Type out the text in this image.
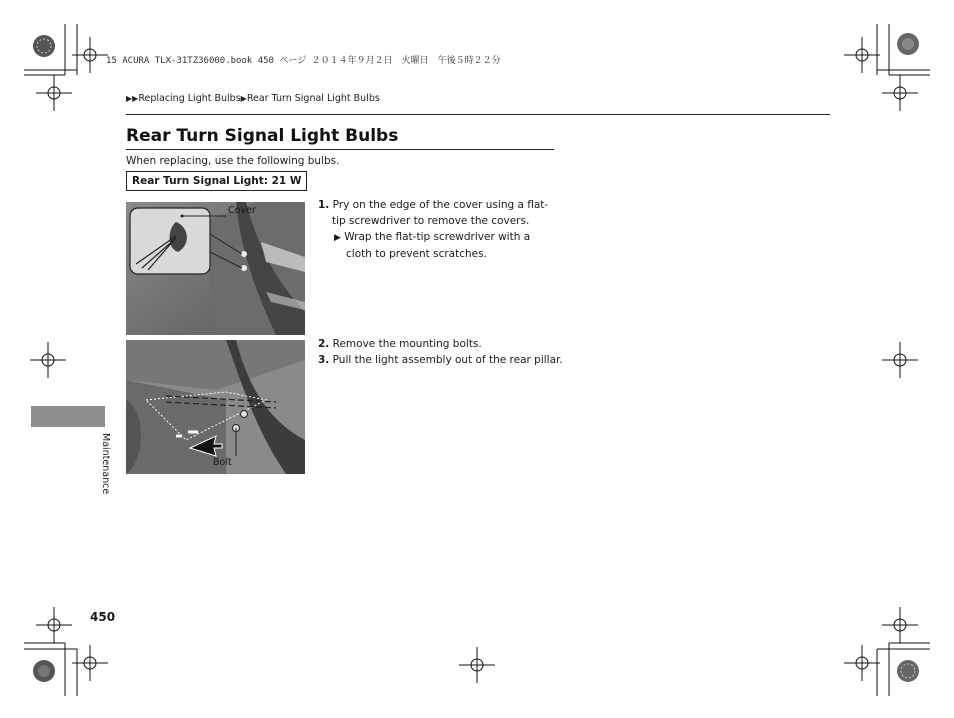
15 ACURA TLX-31TZ36000.book 450 ページ ２０１４年９月２日　火曜日　午後５時２２分
▶▶Replacing Light Bulbs▶Rear Turn Signal Light Bulbs
Rear Turn Signal Light Bulbs
When replacing, use the following bulbs.
Rear Turn Signal Light: 21 W
Cover
Bolt
1. Pry on the edge of the cover using a flat-tip screwdriver to remove the covers.
▶ Wrap the flat-tip screwdriver with a cloth to prevent scratches.
2. Remove the mounting bolts.
3. Pull the light assembly out of the rear pillar.
Maintenance
450
